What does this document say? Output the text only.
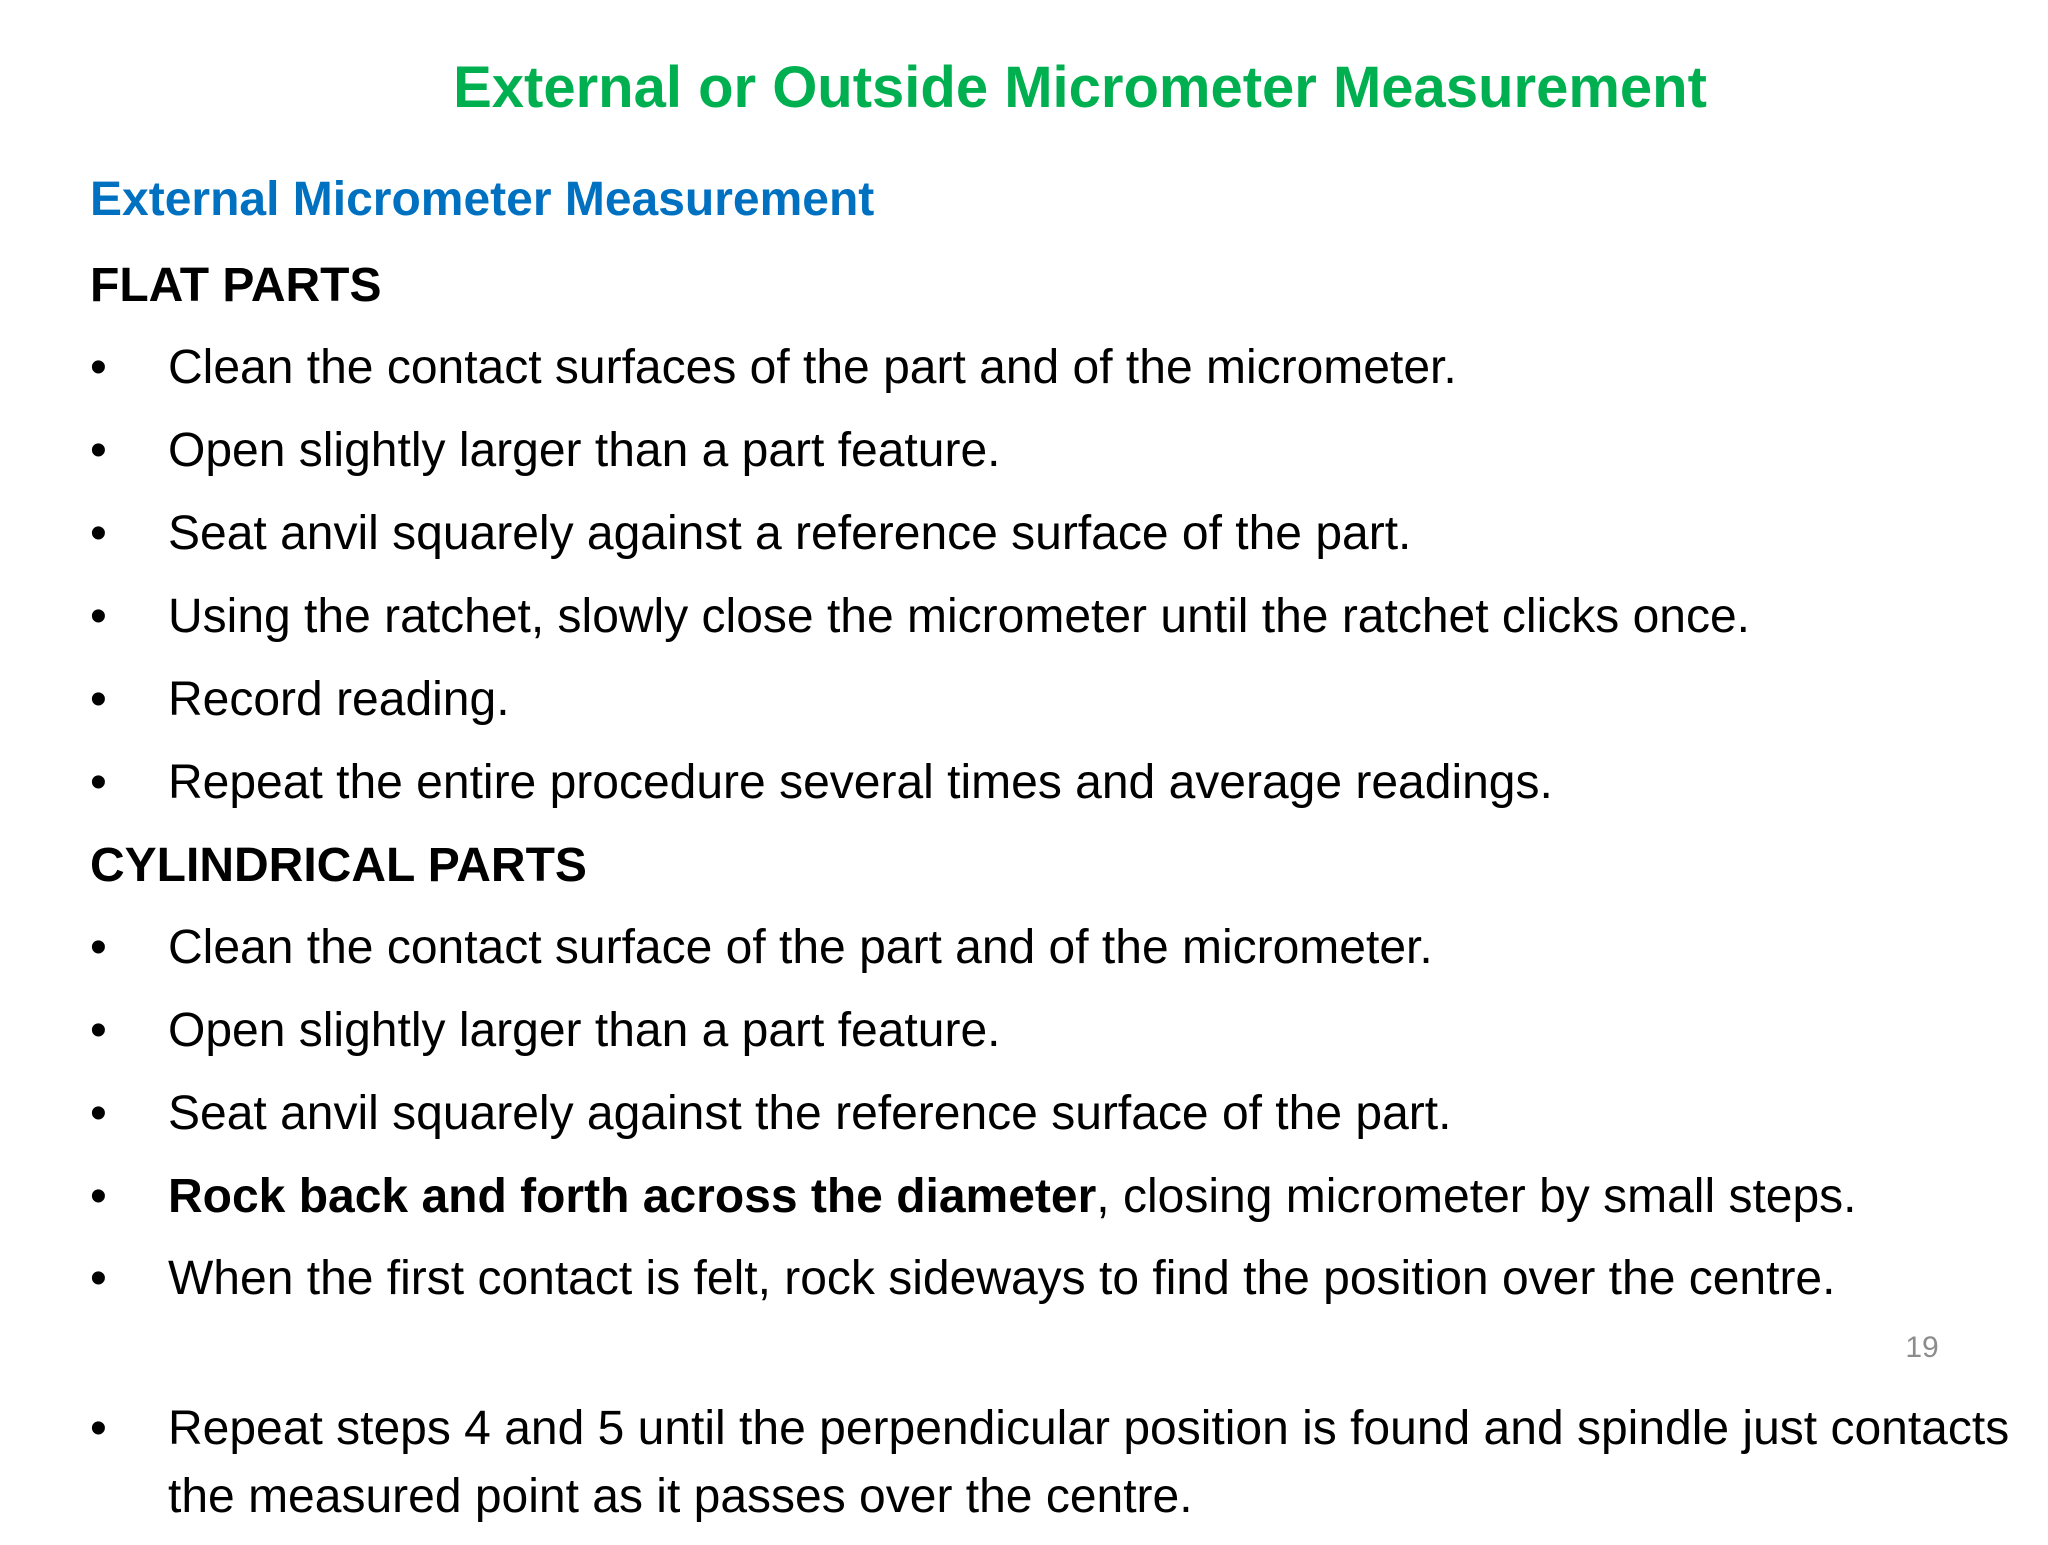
External or Outside Micrometer Measurement
External Micrometer Measurement
FLAT PARTS
• Clean the contact surfaces of the part and of the micrometer.
• Open slightly larger than a part feature.
• Seat anvil squarely against a reference surface of the part.
• Using the ratchet, slowly close the micrometer until the ratchet clicks once.
• Record reading.
• Repeat the entire procedure several times and average readings.
CYLINDRICAL PARTS
• Clean the contact surface of the part and of the micrometer.
• Open slightly larger than a part feature.
• Seat anvil squarely against the reference surface of the part.
• Rock back and forth across the diameter, closing micrometer by small steps.
• When the first contact is felt, rock sideways to find the position over the centre.
• Repeat steps 4 and 5 until the perpendicular position is found and spindle just contacts the measured point as it passes over the centre.
19
